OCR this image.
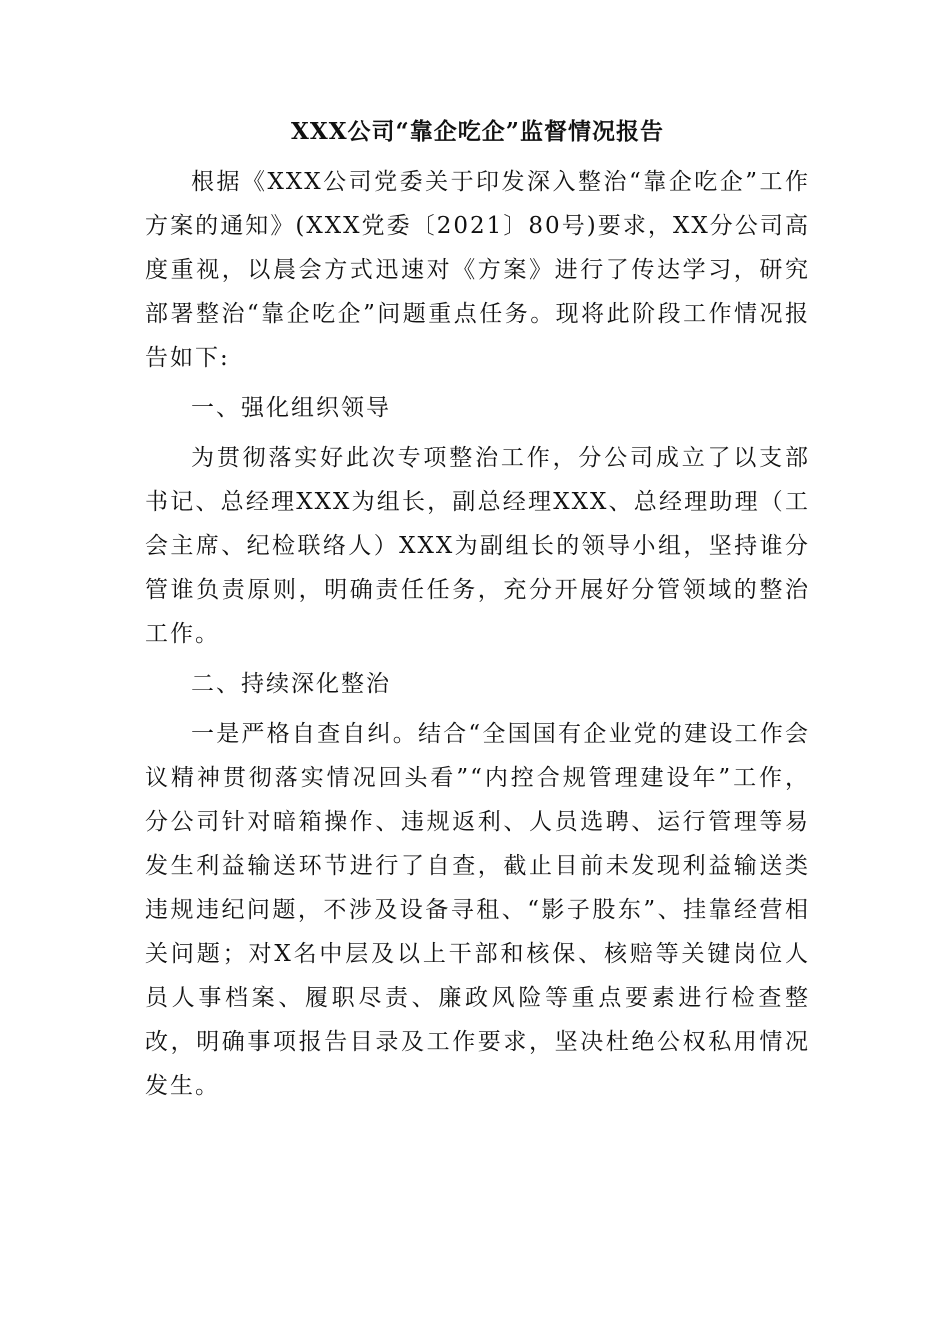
XXX公司“靠企吃企”监督情况报告

根据《XXX公司党委关于印发深入整治“靠企吃企”工作方案的通知》(XXX党委〔2021〕80号)要求，XX分公司高度重视，以晨会方式迅速对《方案》进行了传达学习，研究部署整治“靠企吃企”问题重点任务。现将此阶段工作情况报告如下:

一、强化组织领导

为贯彻落实好此次专项整治工作，分公司成立了以支部书记、总经理XXX为组长，副总经理XXX、总经理助理（工会主席、纪检联络人）XXX为副组长的领导小组，坚持谁分管谁负责原则，明确责任任务，充分开展好分管领域的整治工作。

二、持续深化整治

一是严格自查自纠。结合“全国国有企业党的建设工作会议精神贯彻落实情况回头看”“内控合规管理建设年”工作，分公司针对暗箱操作、违规返利、人员选聘、运行管理等易发生利益输送环节进行了自查，截止目前未发现利益输送类违规违纪问题，不涉及设备寻租、“影子股东”、挂靠经营相关问题；对X名中层及以上干部和核保、核赔等关键岗位人员人事档案、履职尽责、廉政风险等重点要素进行检查整改，明确事项报告目录及工作要求，坚决杜绝公权私用情况发生。
